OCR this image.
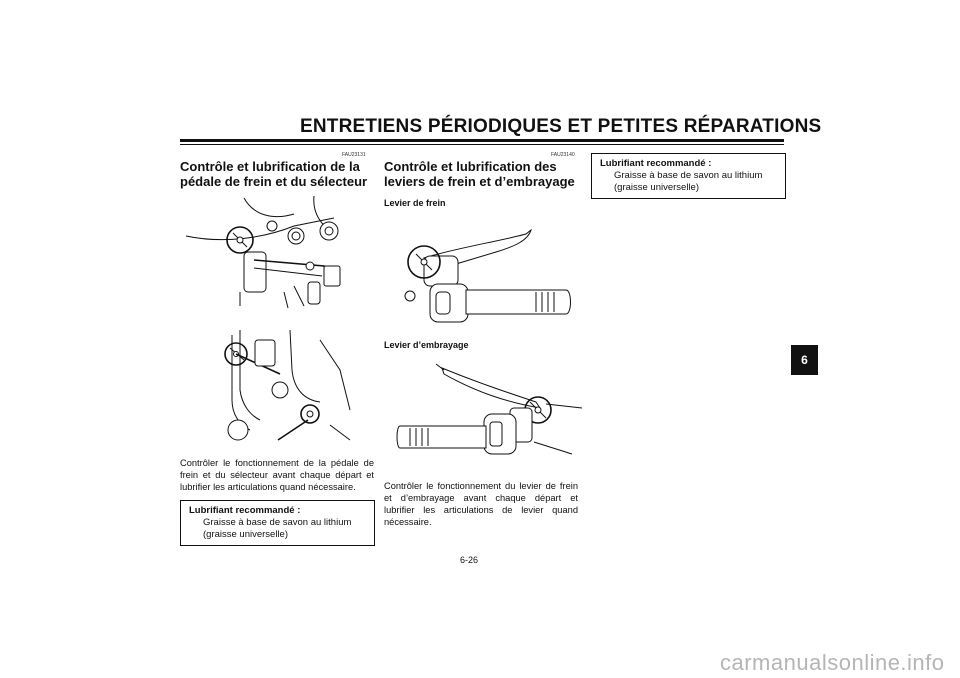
ENTRETIENS PÉRIODIQUES ET PETITES RÉPARATIONS
FAU23131
Contrôle et lubrification de la pédale de frein et du sélecteur
Contrôler le fonctionnement de la pédale de frein et du sélecteur avant chaque départ et lubrifier les articulations quand nécessaire.
Lubrifiant recommandé :
Graisse à base de savon au lithium
(graisse universelle)
FAU23140
Contrôle et lubrification des leviers de frein et d’embrayage
Levier de frein
Levier d’embrayage
Contrôler le fonctionnement du levier de frein et d’embrayage avant chaque départ et lubrifier les articulations de levier quand nécessaire.
Lubrifiant recommandé :
Graisse à base de savon au lithium
(graisse universelle)
6
6-26
carmanualsonline.info
